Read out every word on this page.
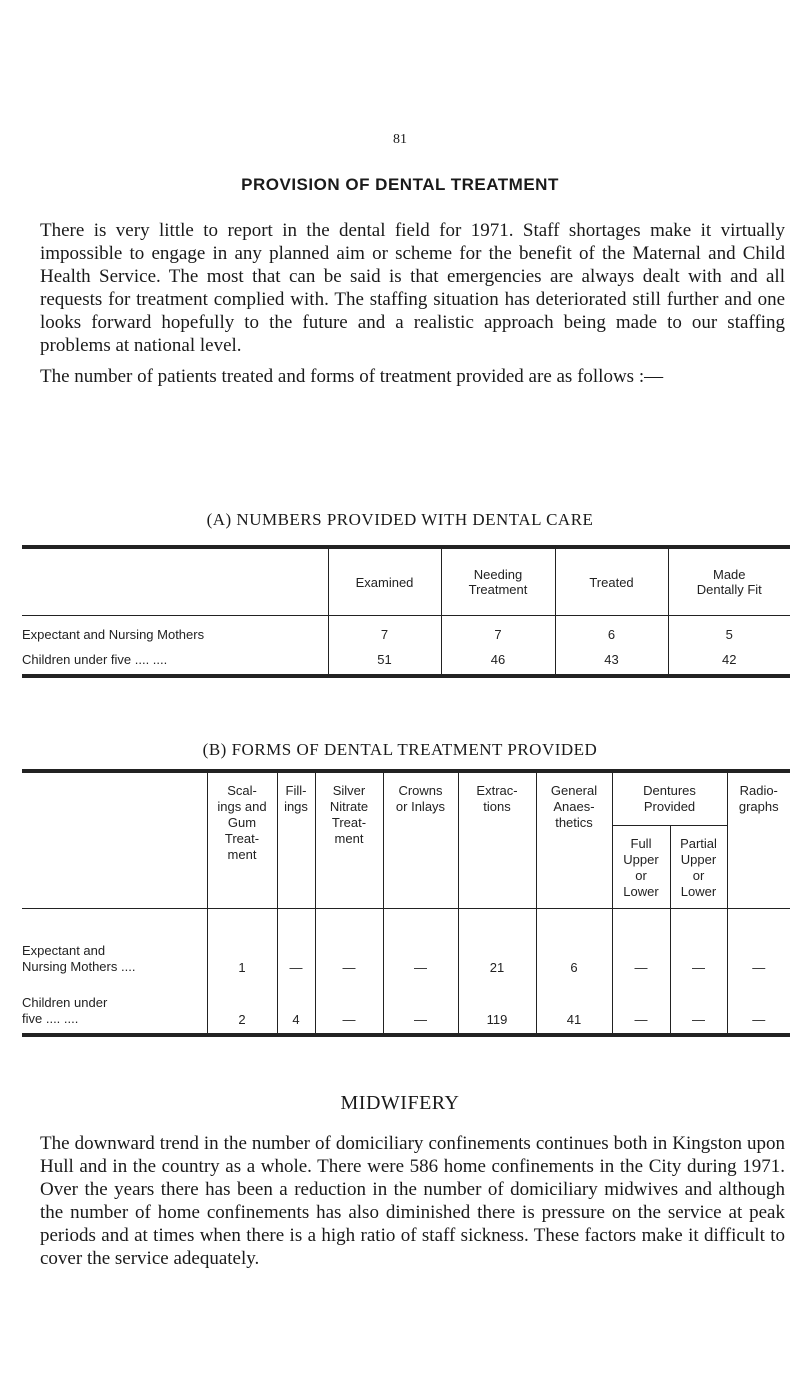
81
PROVISION OF DENTAL TREATMENT

There is very little to report in the dental field for 1971. Staff shortages make it virtually impossible to engage in any planned aim or scheme for the benefit of the Maternal and Child Health Service. The most that can be said is that emergencies are always dealt with and all requests for treatment complied with. The staffing situation has deteriorated still further and one looks forward hopefully to the future and a realistic approach being made to our staffing problems at national level.

The number of patients treated and forms of treatment provided are as follows :—

(A) NUMBERS PROVIDED WITH DENTAL CARE
	Examined	Needing Treatment	Treated	Made Dentally Fit
Expectant and Nursing Mothers	7	7	6	5
Children under five .... ....	51	46	43	42
(B) FORMS OF DENTAL TREATMENT PROVIDED
	Scal-ings and Gum Treat-ment	Fill-ings	Silver Nitrate Treat-ment	Crowns or Inlays	Extrac-tions	General Anaes-thetics	Dentures Provided		Radio-graphs
							Full Upper or Lower	Partial Upper or Lower	
Expectant and
Nursing Mothers ....	1	—	—	—	21	6	—	—	—
Children under
five .... ....	2	4	—	—	119	41	—	—	—
MIDWIFERY

The downward trend in the number of domiciliary confinements continues both in Kingston upon Hull and in the country as a whole. There were 586 home confinements in the City during 1971. Over the years there has been a reduction in the number of domiciliary midwives and although the number of home confinements has also diminished there is pressure on the service at peak periods and at times when there is a high ratio of staff sickness. These factors make it difficult to cover the service adequately.
